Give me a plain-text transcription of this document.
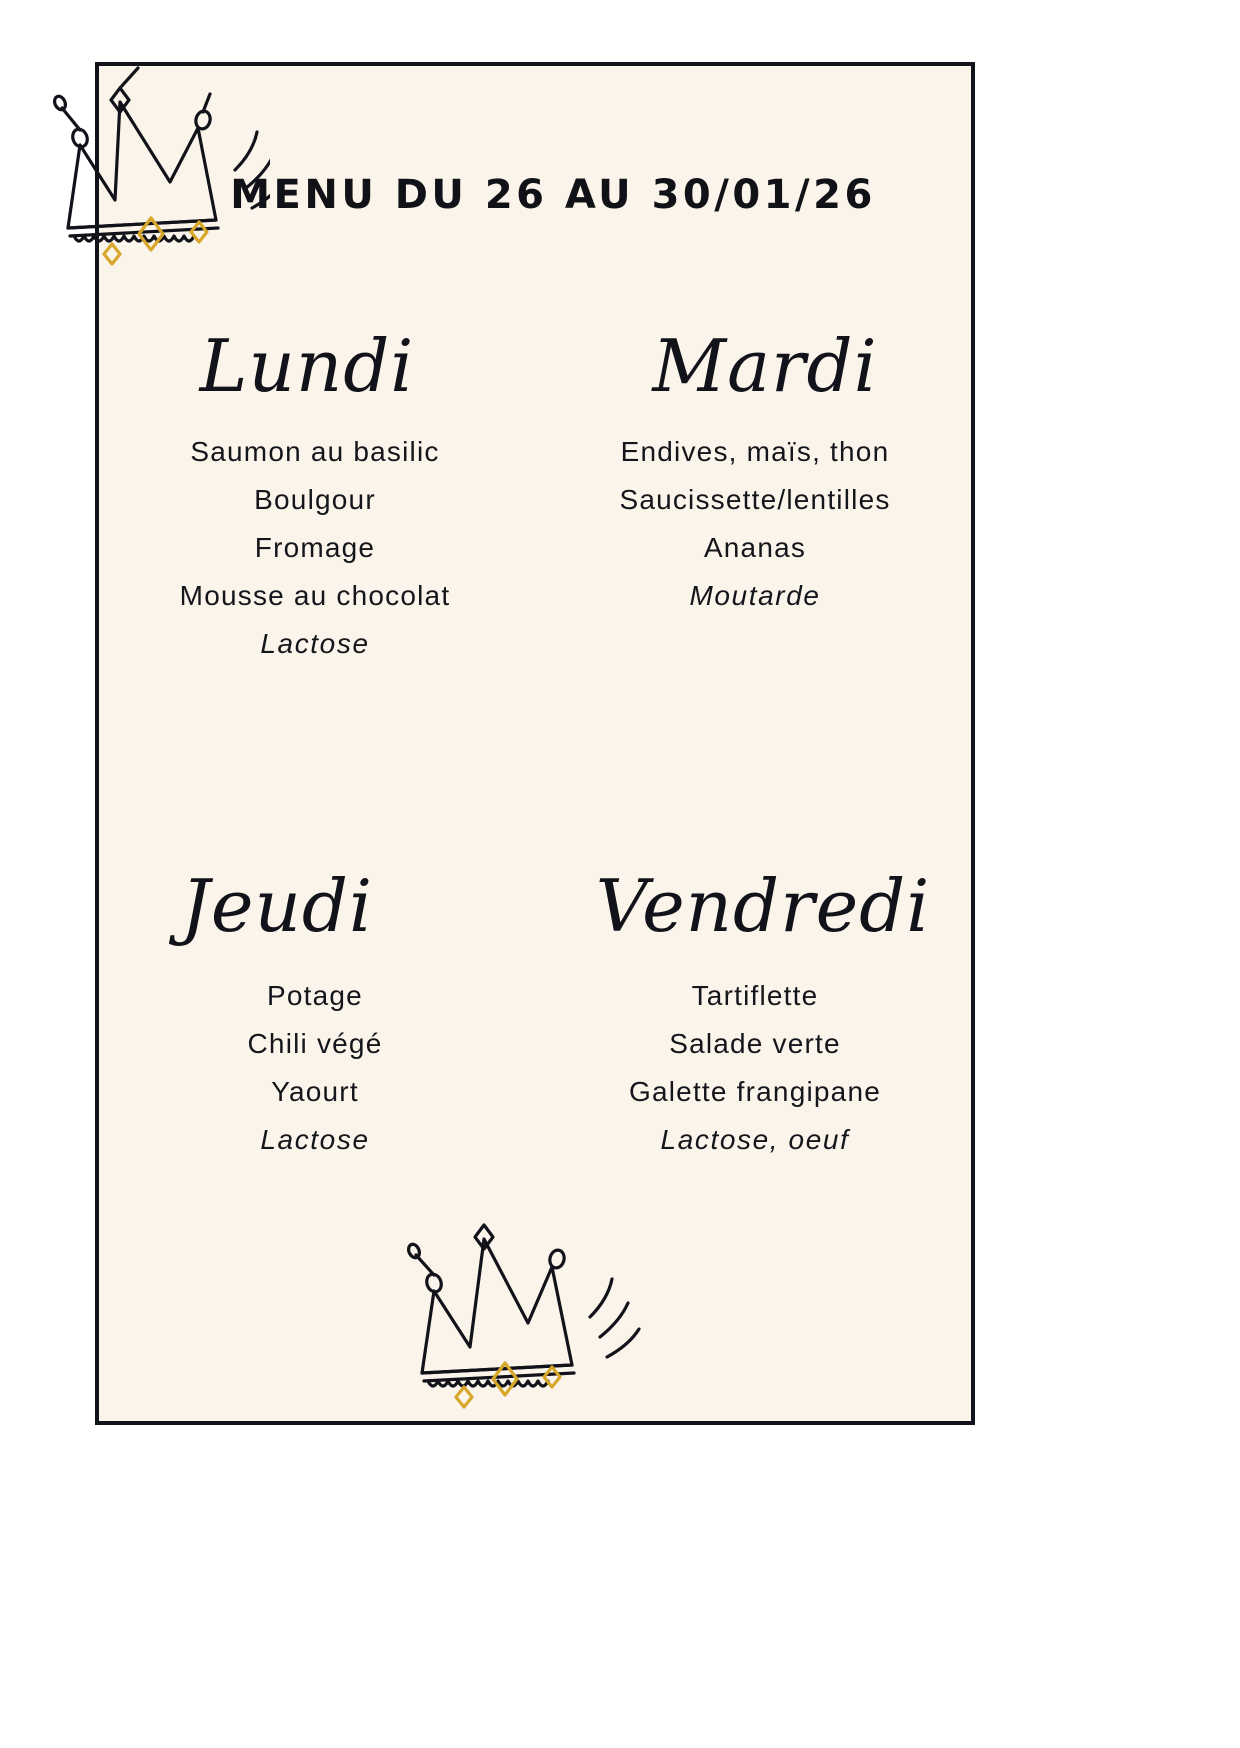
MENU DU 26 AU 30/01/26
Lundi
Saumon au basilic
Boulgour
Fromage
Mousse au chocolat
Lactose
Mardi
Endives, maïs, thon
Saucissette/lentilles
Ananas
Moutarde
Jeudi
Potage
Chili végé
Yaourt
Lactose
Vendredi
Tartiflette
Salade verte
Galette frangipane
Lactose, oeuf
